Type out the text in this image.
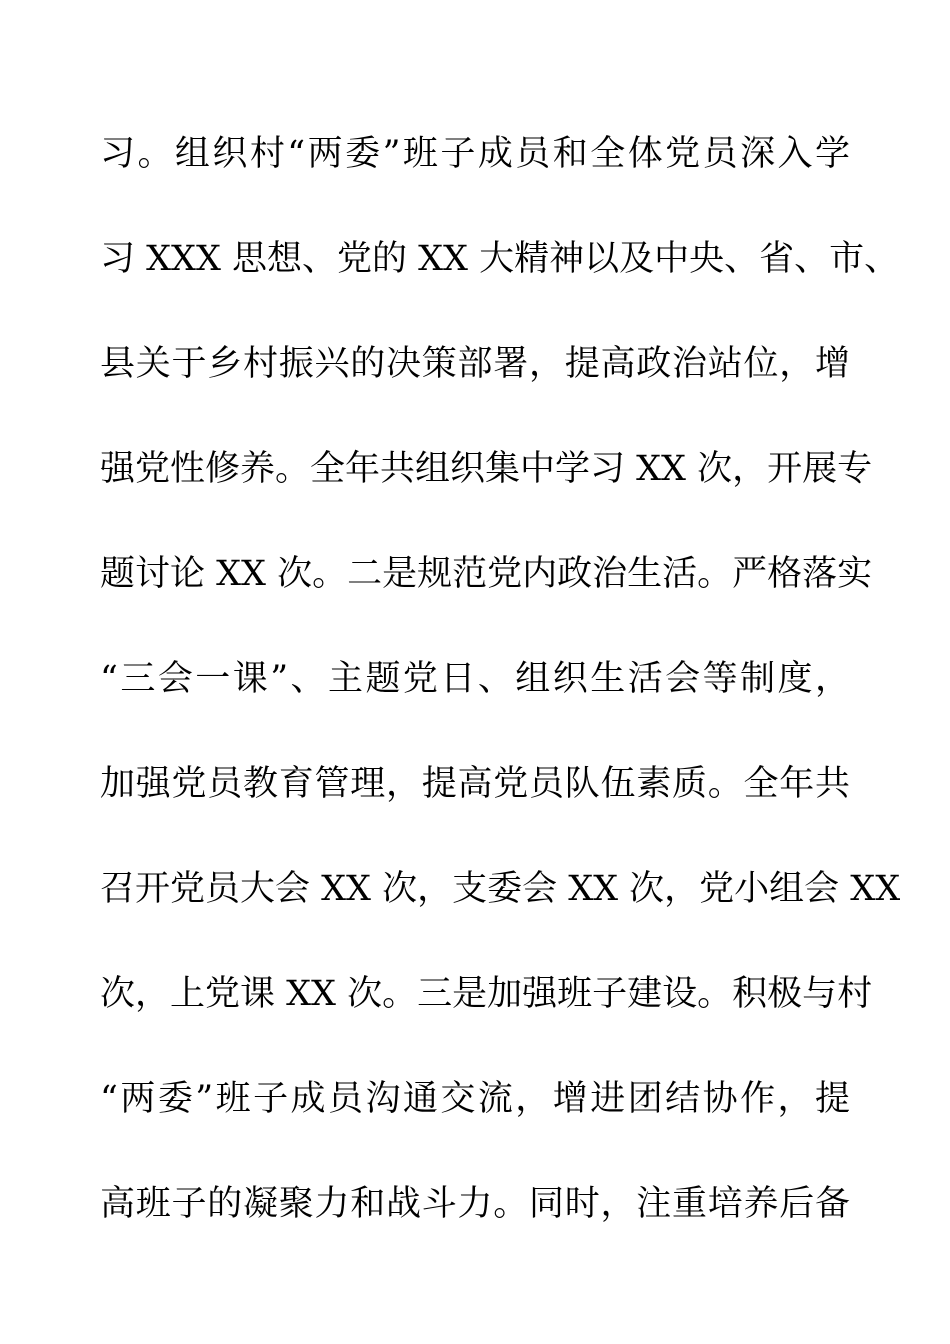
习。组织村“两委”班子成员和全体党员深入学
习 XXX 思想、党的 XX 大精神以及中央、省、市、
县关于乡村振兴的决策部署，提高政治站位，增
强党性修养。全年共组织集中学习 XX 次，开展专
题讨论 XX 次。二是规范党内政治生活。严格落实
“三会一课”、主题党日、组织生活会等制度，
加强党员教育管理，提高党员队伍素质。全年共
召开党员大会 XX 次，支委会 XX 次，党小组会 XX
次，上党课 XX 次。三是加强班子建设。积极与村
“两委”班子成员沟通交流，增进团结协作，提
高班子的凝聚力和战斗力。同时，注重培养后备
